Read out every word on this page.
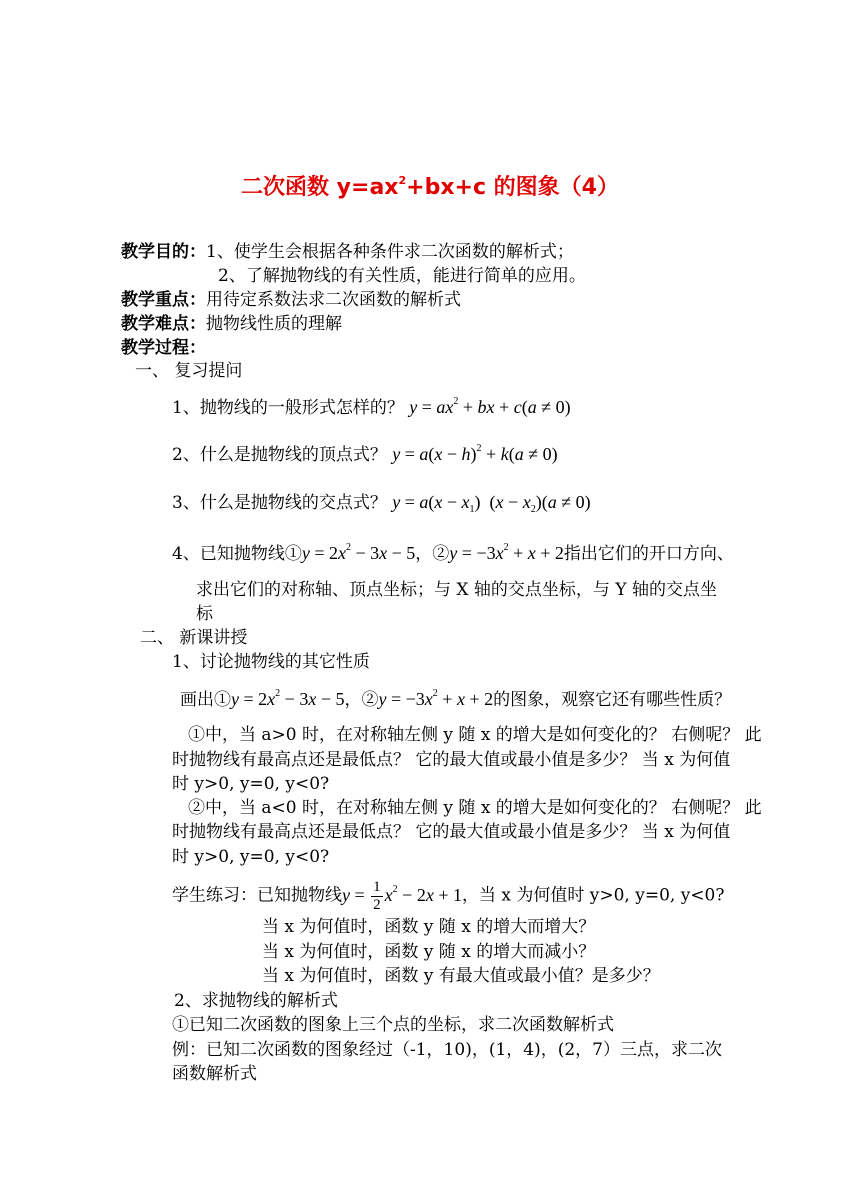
二次函数 $y=ax^2+bx+c$ 的图象（4）
教学目的： 1、使学生会根据各种条件求二次函数的解析式；
2、了解抛物线的有关性质，能进行简单的应用。
教学重点： 用待定系数法求二次函数的解析式
教学难点： 抛物线性质的理解
教学过程：
一、 复习提问
1、抛物线的一般形式怎样的？ $y = ax^2$ + bx + c(a ≠ 0)
2、什么是抛物线的顶点式？ $y = a(x - h)^2 + k(a \ne 0)$
3、什么是抛物线的交点式？ $y = a(x - x_1)$ $(x - x_2)(a \ne 0)$
4、已知抛物线①y = $2x^2 - 3x - 5$，②y = $-3x^2 + x + 2$指出它们的开口方向、
求出它们的对称轴、顶点坐标；与 X 轴的交点坐标，与 Y 轴的交点坐
标
二、 新课讲授
1、讨论抛物线的其它性质
画出①y = $2x^2 - 3x - 5$，②y = $-3x^2 + x + 2$的图象，观察它还有哪些性质？
①中，当 a>0 时，在对称轴左侧 y 随 x 的增大是如何变化的？ 右侧呢？ 此
时抛物线有最高点还是最低点？ 它的最大值或最小值是多少？ 当 x 为何值
时 y>0, y=0, y<0?
②中，当 a<0 时，在对称轴左侧 y 随 x 的增大是如何变化的？ 右侧呢？ 此
时抛物线有最高点还是最低点？ 它的最大值或最小值是多少？ 当 x 为何值
时 y>0, y=0, y<0?
学生练习：已知抛物线$y = \frac{1}{2} x^2 - 2x + 1$，当 x 为何值时 y>0, y=0, y<0?
当 x 为何值时，函数 y 随 x 的增大而增大？
当 x 为何值时，函数 y 随 x 的增大而减小？
当 x 为何值时，函数 y 有最大值或最小值？是多少？
2、求抛物线的解析式
①已知二次函数的图象上三个点的坐标，求二次函数解析式
例：已知二次函数的图象经过（-1，10)，(1，4)，(2，7）三点，求二次
函数解析式
